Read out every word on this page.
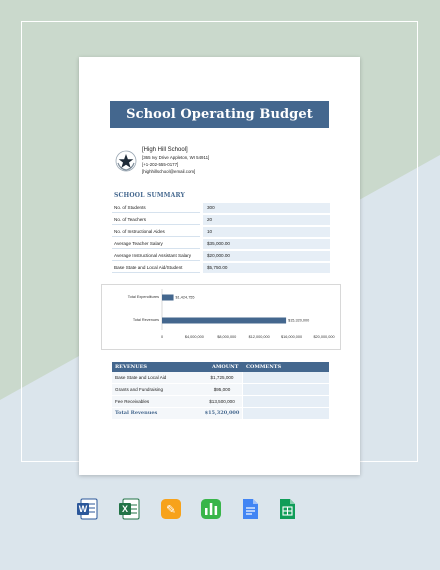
School Operating Budget
[High Hill School]
[365 Ivy Drive Appleton, WI 54911]
[+1-202-555-0177]
[highhillschool@email.com]
SCHOOL SUMMARY
No. of Students	300
No. of Teachers	20
No. of Instructional Aides	10
Average Teacher Salary	$35,000.00
Average Instructional Assistant Salary	$20,000.00
Base State and Local Aid/Student	$5,750.00
Total Expenditures	$1,424,755
Total Revenues	$15,320,000
0	$4,000,000	$8,000,000	$12,000,000	$16,000,000	$20,000,000
REVENUES	AMOUNT COMMENTS
Base State and Local Aid	$1,725,000
Grants and Fundraising	$95,000
Fee Receivables	$13,500,000
Total Revenues	$15,320,000
W	X	✎
